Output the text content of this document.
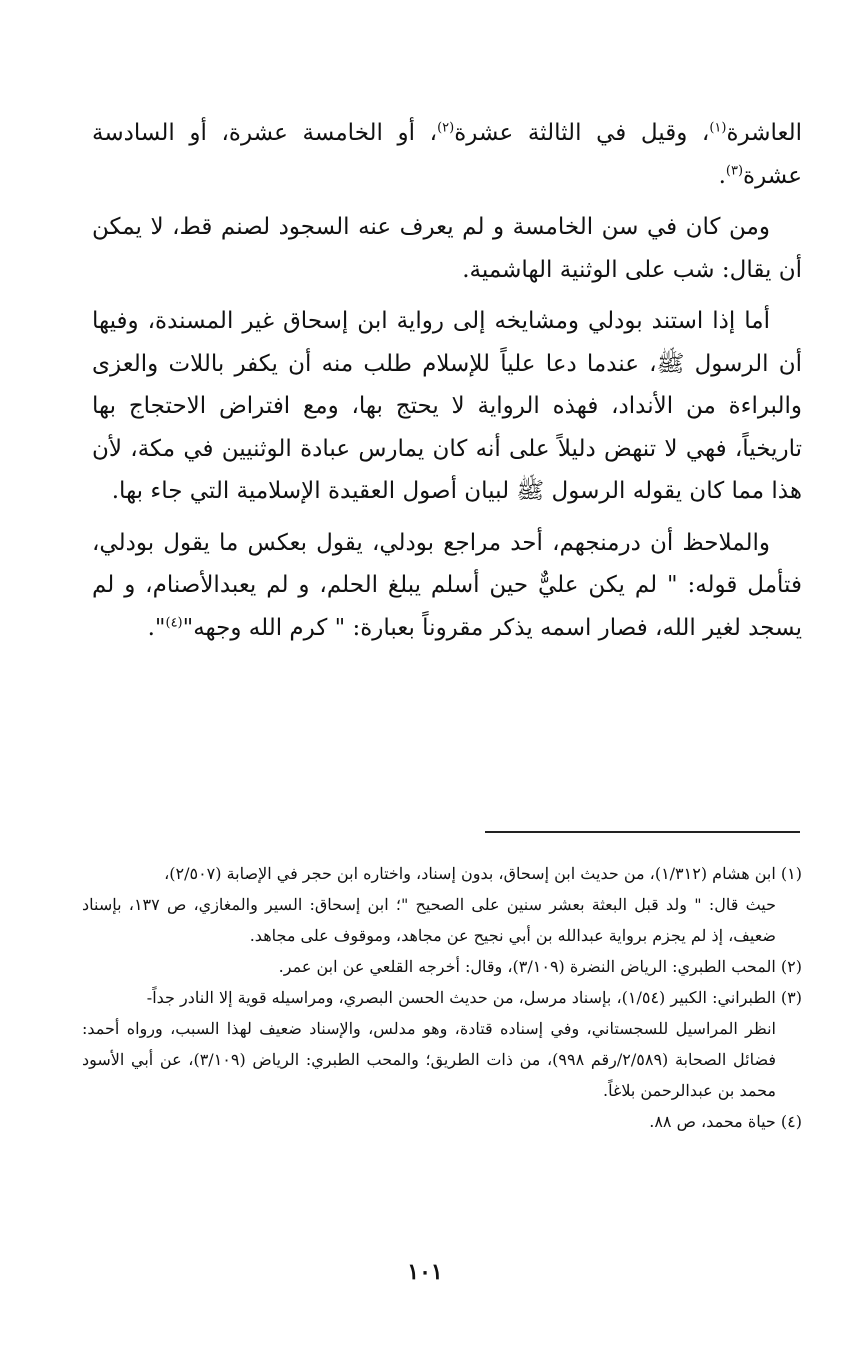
العاشرة$^{(١)}$، وقيل في الثالثة عشرة$^{(٢)}$، أو الخامسة عشرة، أو السادسة عشرة$^{(٣)}$.

ومن كان في سن الخامسة و لم يعرف عنه السجود لصنم قط، لا يمكن أن يقال: شب على الوثنية الهاشمية.

أما إذا استند بودلي ومشايخه إلى رواية ابن إسحاق غير المسندة، وفيها أن الرسول ﷺ، عندما دعا علياً للإسلام طلب منه أن يكفر باللات والعزى والبراءة من الأنداد، فهذه الرواية لا يحتج بها، ومع افتراض الاحتجاج بها تاريخياً، فهي لا تنهض دليلاً على أنه كان يمارس عبادة الوثنيين في مكة، لأن هذا مما كان يقوله الرسول ﷺ لبيان أصول العقيدة الإسلامية التي جاء بها.

والملاحظ أن درمنجهم، أحد مراجع بودلي، يقول بعكس ما يقول بودلي، فتأمل قوله: " لم يكن عليٌّ حين أسلم يبلغ الحلم، و لم يعبدالأصنام، و لم يسجد لغير الله، فصار اسمه يذكر مقروناً بعبارة: " كرم الله وجهه"$^{(٤)}$".

(١) ابن هشام (١/٣١٢)، من حديث ابن إسحاق، بدون إسناد، واختاره ابن حجر في الإصابة (٢/٥٠٧)،
حيث قال: " ولد قبل البعثة بعشر سنين على الصحيح "؛ ابن إسحاق: السير والمغازي، ص ١٣٧، بإسناد ضعيف، إذ لم يجزم برواية عبدالله بن أبي نجيح عن مجاهد، وموقوف على مجاهد.

(٢) المحب الطبري: الرياض النضرة (٣/١٠٩)، وقال: أخرجه القلعي عن ابن عمر.

(٣) الطبراني: الكبير (١/٥٤)، بإسناد مرسل، من حديث الحسن البصري، ومراسيله قوية إلا النادر جداً-
انظر المراسيل للسجستاني، وفي إسناده قتادة، وهو مدلس، والإسناد ضعيف لهذا السبب، ورواه أحمد: فضائل الصحابة (٢/٥٨٩/رقم ٩٩٨)، من ذات الطريق؛ والمحب الطبري: الرياض (٣/١٠٩)، عن أبي الأسود محمد بن عبدالرحمن بلاغاً.

(٤) حياة محمد، ص ٨٨.

١٠١
